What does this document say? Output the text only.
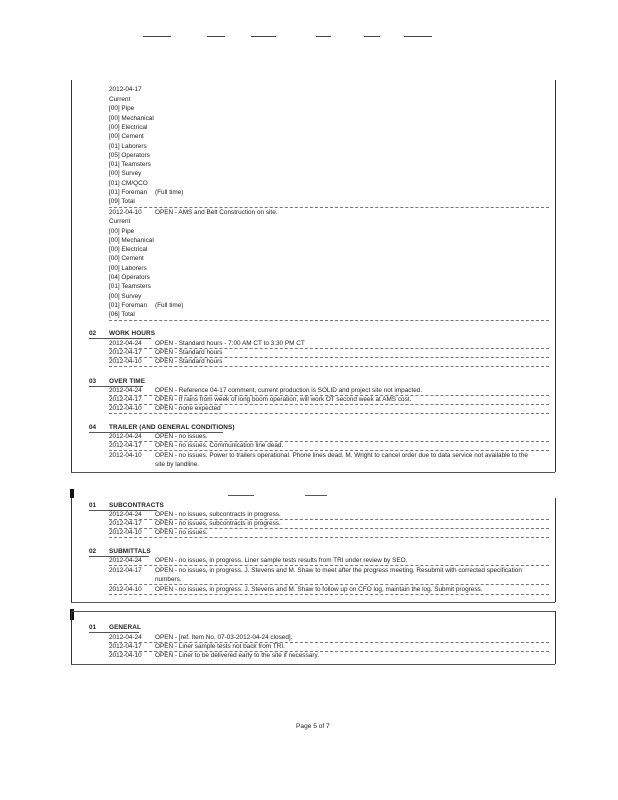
2012-04-17
Current
[00] Pipe
[00] Mechanical
[00] Electrical
[00] Cement
[01] Laborers
[05] Operators
[01] Teamsters
[00] Survey
[01] CM/QCO
[01] Foreman (Full time)
[09] Total
2012-04-10 OPEN - AMS and Belt Construction on site.
Current
[00] Pipe
[00] Mechanical
[00] Electrical
[00] Cement
[00] Laborers
[04] Operators
[01] Teamsters
[00] Survey
[01] Foreman (Full time)
[06] Total
02 WORK HOURS
2012-04-24 OPEN - Standard hours - 7:00 AM CT to 3:30 PM CT
2012-04-17 OPEN - Standard hours
2012-04-10 OPEN - Standard hours
03 OVER TIME
2012-04-24 OPEN - Reference 04-17 comment, current production is SOLID and project site not impacted.
2012-04-17 OPEN - If rains from week of long boom operation, will work OT second week at AMS cost.
2012-04-10 OPEN - none expected
04 TRAILER (AND GENERAL CONDITIONS)
2012-04-24 OPEN - no issues.
2012-04-17 OPEN - no issues. Communication line dead.
2012-04-10 OPEN - no issues. Power to trailers operational. Phone lines dead. M. Wright to cancel order due to data service not available to the
site by landline.
01 SUBCONTRACTS
2012-04-24 OPEN - no issues, subcontracts in progress.
2012-04-17 OPEN - no issues, subcontracts in progress.
2012-04-10 OPEN - no issues.
02 SUBMITTALS
2012-04-24 OPEN - no issues, in progress. Liner sample tests results from TRI under review by SEO.
2012-04-17 OPEN - no issues, in progress. J. Stevens and M. Shaw to meet after the progress meeting. Resubmit with corrected specification
numbers.
2012-04-10 OPEN - no issues, in progress. J. Stevens and M. Shaw to follow up on CFO log, maintain the log. Submit progress.
01 GENERAL
2012-04-24 OPEN - [ref. Item No. 07-03-2012-04-24 closed].
2012-04-17 OPEN - Liner sample tests not back from TRI.
2012-04-10 OPEN - Liner to be delivered early to the site if necessary.
Page 5 of 7
